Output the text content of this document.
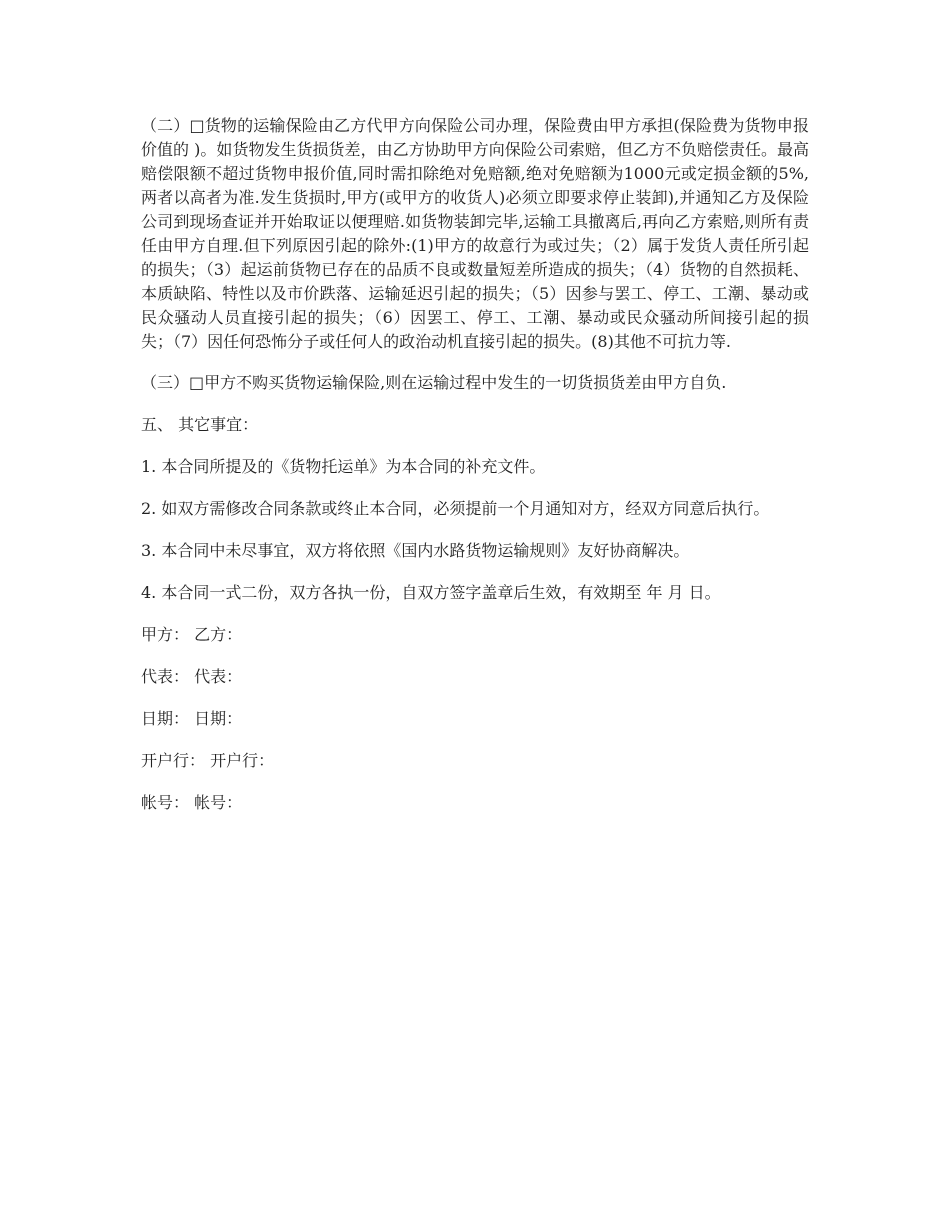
（二）□货物的运输保险由乙方代甲方向保险公司办理，保险费由甲方承担(保险费为货物申报价值的 )。如货物发生货损货差，由乙方协助甲方向保险公司索赔，但乙方不负赔偿责任。最高赔偿限额不超过货物申报价值,同时需扣除绝对免赔额,绝对免赔额为1000元或定损金额的5%,两者以高者为准.发生货损时,甲方(或甲方的收货人)必须立即要求停止装卸),并通知乙方及保险公司到现场查证并开始取证以便理赔.如货物装卸完毕,运输工具撤离后,再向乙方索赔,则所有责任由甲方自理.但下列原因引起的除外:(1)甲方的故意行为或过失；（2）属于发货人责任所引起的损失；（3）起运前货物已存在的品质不良或数量短差所造成的损失；（4）货物的自然损耗、本质缺陷、特性以及市价跌落、运输延迟引起的损失；（5）因参与罢工、停工、工潮、暴动或民众骚动人员直接引起的损失；（6）因罢工、停工、工潮、暴动或民众骚动所间接引起的损失；（7）因任何恐怖分子或任何人的政治动机直接引起的损失。(8)其他不可抗力等.

（三）□甲方不购买货物运输保险,则在运输过程中发生的一切货损货差由甲方自负.

五、 其它事宜：

1. 本合同所提及的《货物托运单》为本合同的补充文件。

2. 如双方需修改合同条款或终止本合同，必须提前一个月通知对方，经双方同意后执行。

3. 本合同中未尽事宜，双方将依照《国内水路货物运输规则》友好协商解决。

4. 本合同一式二份，双方各执一份，自双方签字盖章后生效，有效期至 年 月 日。

甲方： 乙方：

代表： 代表：

日期： 日期：

开户行： 开户行：

帐号： 帐号：
